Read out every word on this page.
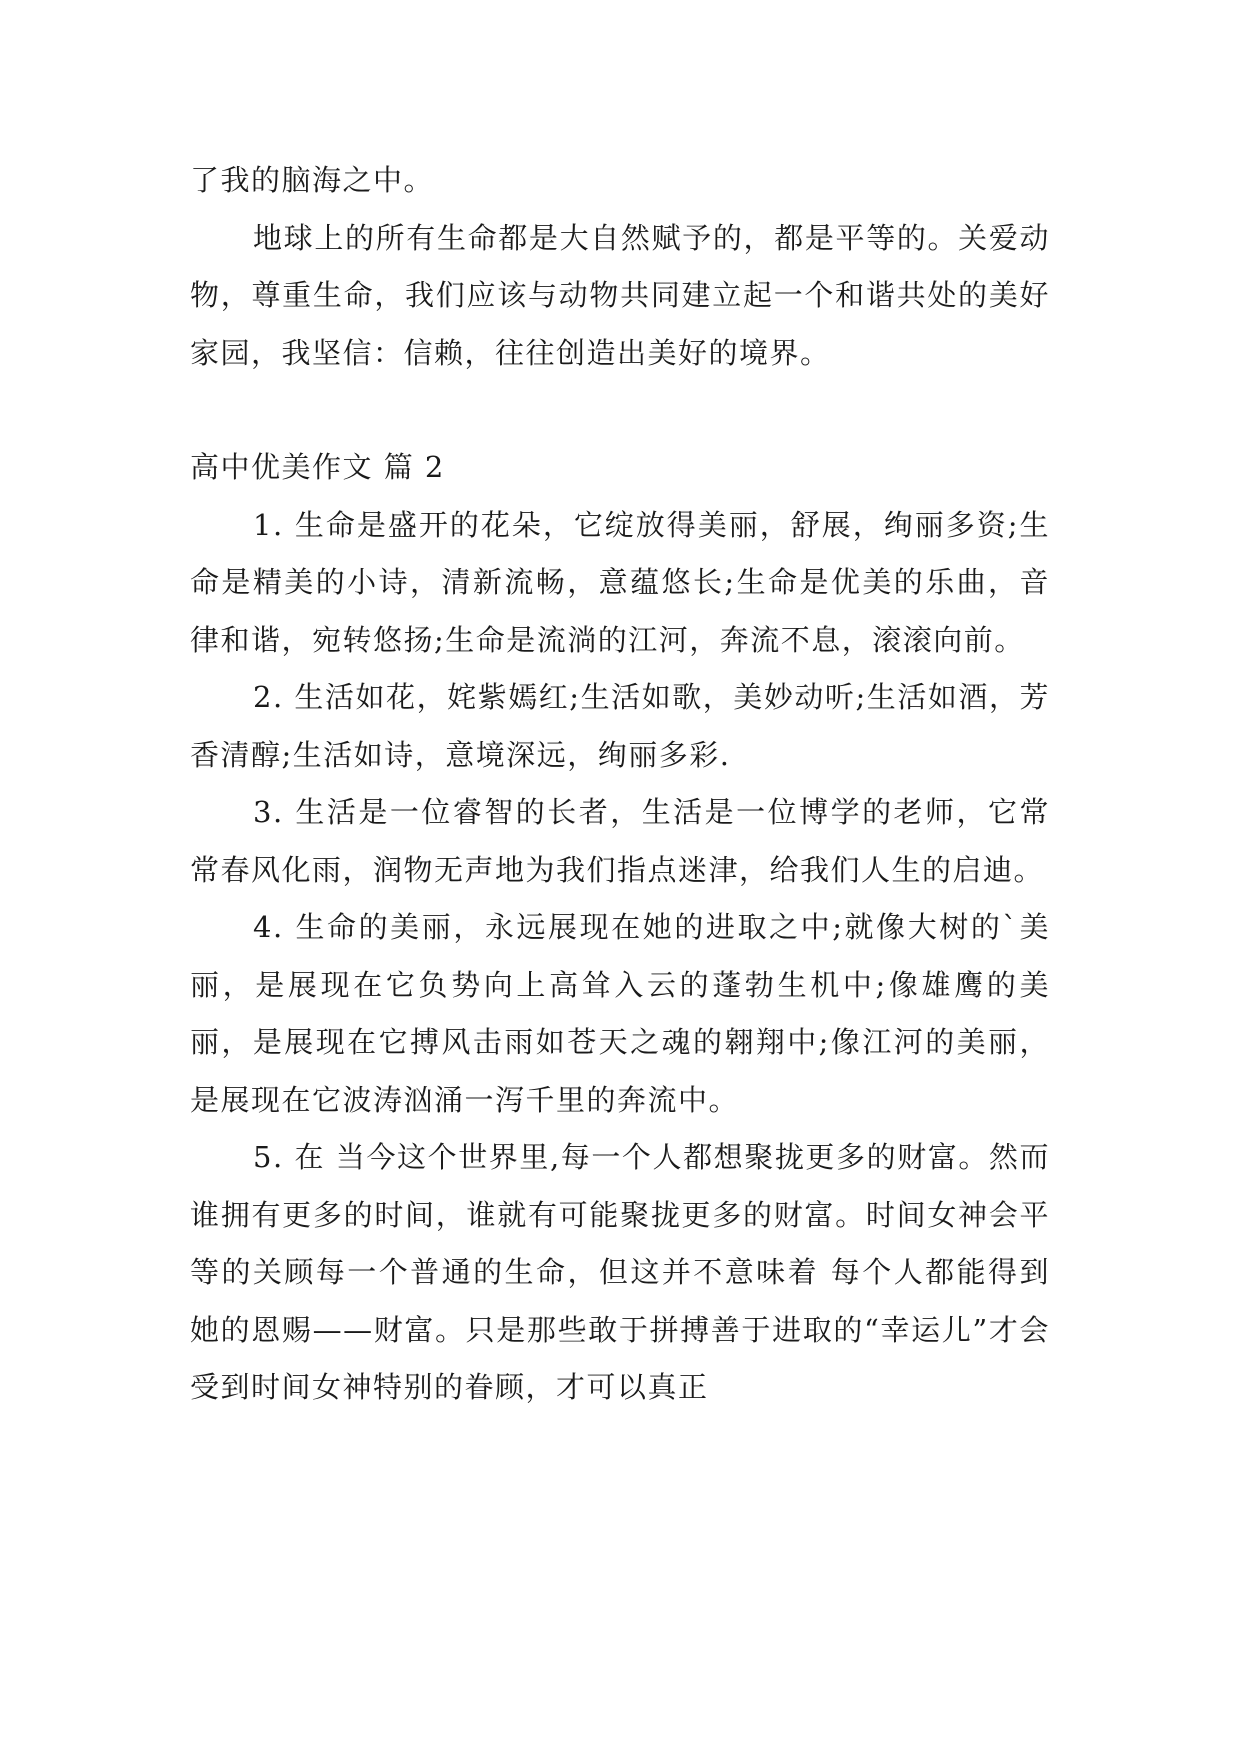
了我的脑海之中。

地球上的所有生命都是大自然赋予的，都是平等的。关爱动物，尊重生命，我们应该与动物共同建立起一个和谐共处的美好家园，我坚信：信赖，往往创造出美好的境界。

高中优美作文 篇 2

1. 生命是盛开的花朵，它绽放得美丽，舒展，绚丽多资;生命是精美的小诗，清新流畅，意蕴悠长;生命是优美的乐曲，音律和谐，宛转悠扬;生命是流淌的江河，奔流不息，滚滚向前。

2. 生活如花，姹紫嫣红;生活如歌，美妙动听;生活如酒，芳香清醇;生活如诗，意境深远，绚丽多彩.

3. 生活是一位睿智的长者，生活是一位博学的老师，它常常春风化雨，润物无声地为我们指点迷津，给我们人生的启迪。

4. 生命的美丽，永远展现在她的进取之中;就像大树的`美丽，是展现在它负势向上高耸入云的蓬勃生机中;像雄鹰的美丽，是展现在它搏风击雨如苍天之魂的翱翔中;像江河的美丽，是展现在它波涛汹涌一泻千里的奔流中。

5. 在 当今这个世界里,每一个人都想聚拢更多的财富。然而谁拥有更多的时间，谁就有可能聚拢更多的财富。时间女神会平等的关顾每一个普通的生命，但这并不意味着 每个人都能得到她的恩赐——财富。只是那些敢于拼搏善于进取的“幸运儿”才会受到时间女神特别的眷顾，才可以真正
